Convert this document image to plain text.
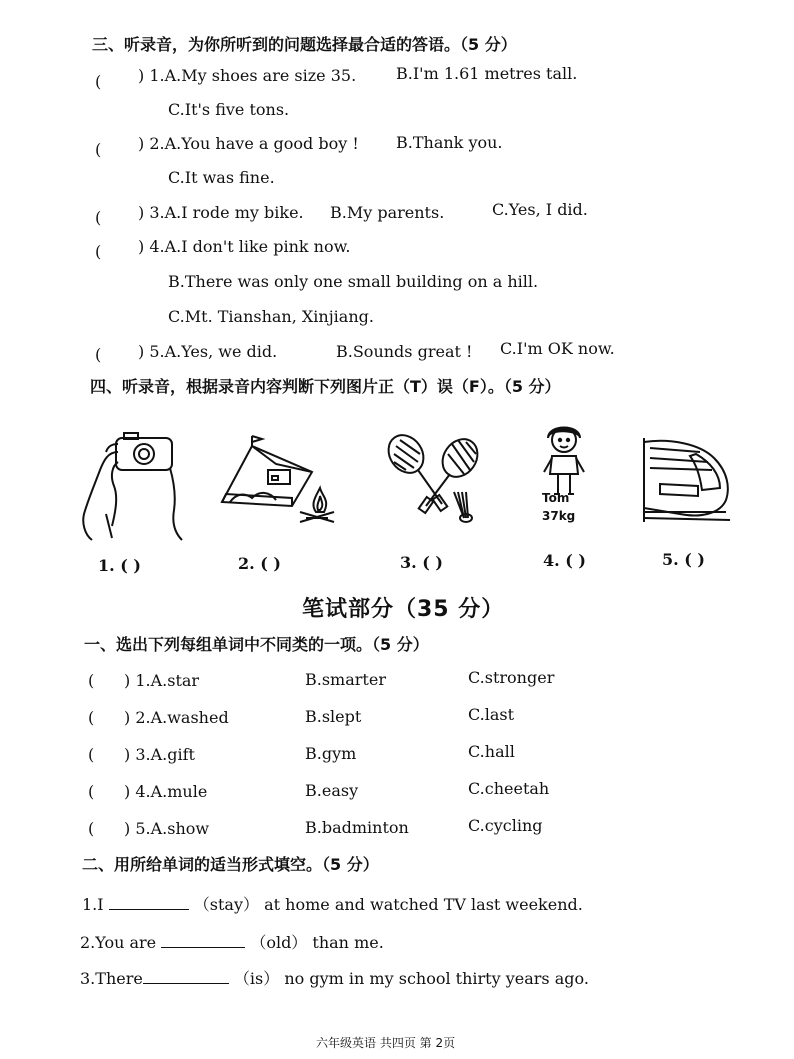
三、听录音，为你所听到的问题选择最合适的答语。（5 分）
( ) 1.A.My shoes are size 35. B.I'm 1.61 metres tall.
C.It's five tons.
( ) 2.A.You have a good boy ! B.Thank you.
C.It was fine.
( ) 3.A.I rode my bike. B.My parents.	C.Yes, I did.
( ) 4.A.I don't like pink now.
B.There was only one small building on a hill.
C.Mt. Tianshan, Xinjiang.
( ) 5.A.Yes, we did.	B.Sounds great ! C.I'm OK now.
四、听录音，根据录音内容判断下列图片正（T）误（F）。（5 分）
Tom
37kg
1. ( )	2. ( )	3. ( )	4. ( )	5. ( )
笔试部分（35 分）
一、选出下列每组单词中不同类的一项。（5 分）
( ) 1.A.star	B.smarter	C.stronger
( ) 2.A.washed	B.slept	C.last
( ) 3.A.gift	B.gym	C.hall
( ) 4.A.mule	B.easy	C.cheetah
( ) 5.A.show	B.badminton	C.cycling
二、用所给单词的适当形式填空。（5 分）
1.I	（stay） at home and watched TV last weekend.
2.You are	（old） than me.
3.There	（is） no gym in my school thirty years ago.
六年级英语 共四页 第 2页
